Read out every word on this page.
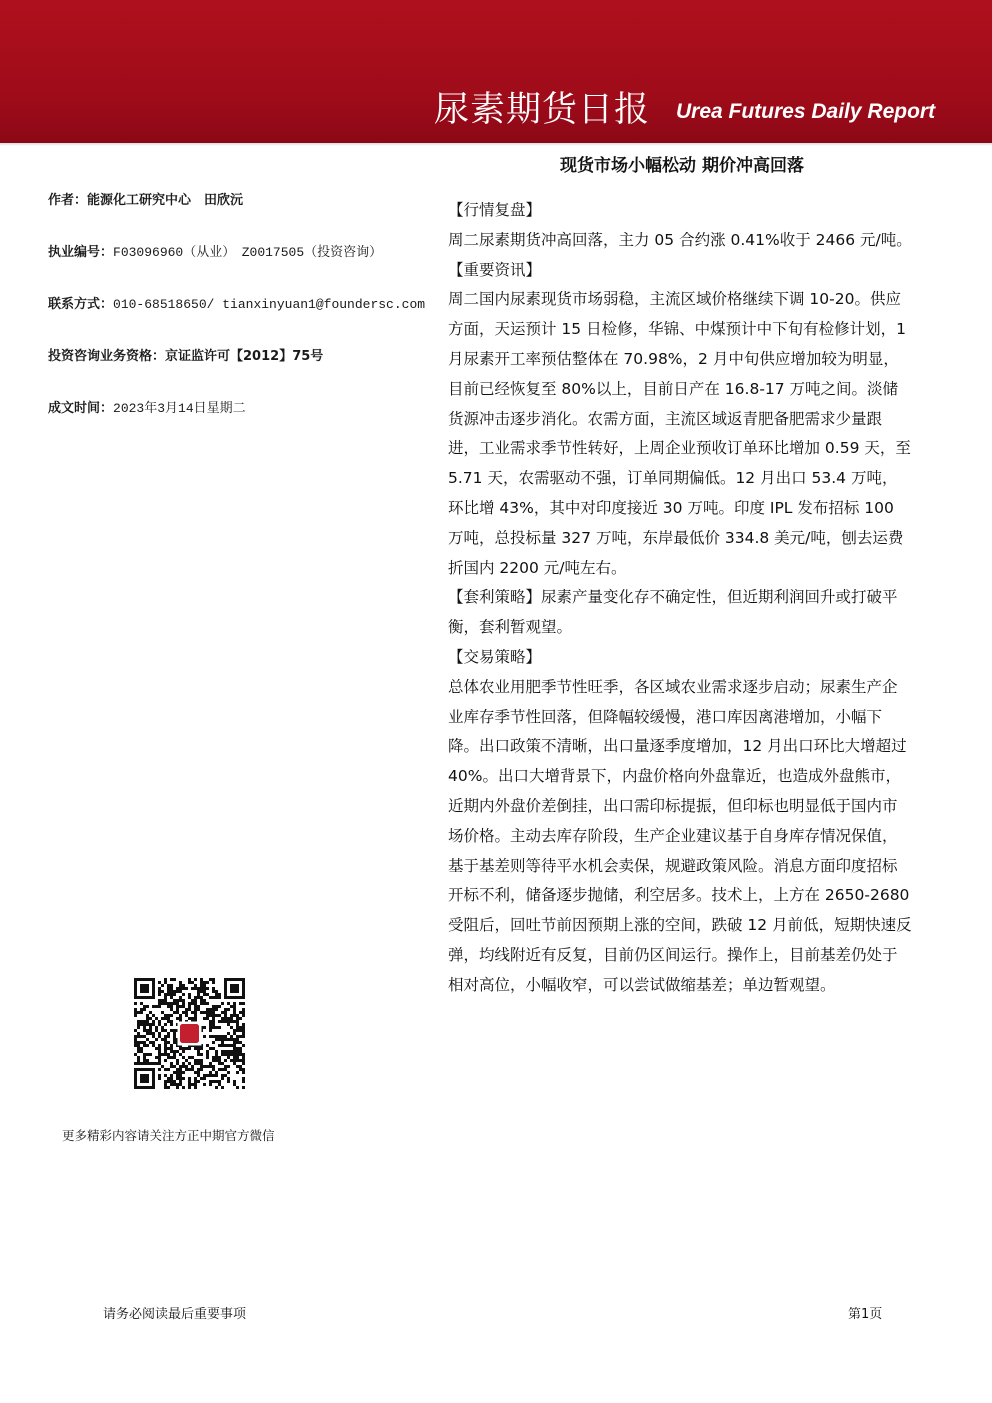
尿素期货日报 Urea Futures Daily Report
现货市场小幅松动 期价冲高回落
作者：能源化工研究中心　田欣沅
执业编号：F03096960（从业）　Z0017505（投资咨询）
联系方式：010-68518650/ tianxinyuan1@foundersc.com
投资咨询业务资格：京证监许可【2012】75号
成文时间：2023年3月14日星期二

【行情复盘】

周二尿素期货冲高回落，主力 05 合约涨 0.41%收于 2466 元/吨。

【重要资讯】

周二国内尿素现货市场弱稳，主流区域价格继续下调 10-20。供应方面，天运预计 15 日检修，华锦、中煤预计中下旬有检修计划，1 月尿素开工率预估整体在 70.98%，2 月中旬供应增加较为明显，目前已经恢复至 80%以上，目前日产在 16.8-17 万吨之间。淡储货源冲击逐步消化。农需方面，主流区域返青肥备肥需求少量跟进，工业需求季节性转好，上周企业预收订单环比增加 0.59 天，至 5.71 天，农需驱动不强，订单同期偏低。12 月出口 53.4 万吨，环比增 43%，其中对印度接近 30 万吨。印度 IPL 发布招标 100 万吨，总投标量 327 万吨，东岸最低价 334.8 美元/吨，刨去运费折国内 2200 元/吨左右。

【套利策略】尿素产量变化存不确定性，但近期利润回升或打破平衡，套利暂观望。

【交易策略】

总体农业用肥季节性旺季，各区域农业需求逐步启动；尿素生产企业库存季节性回落，但降幅较缓慢，港口库因离港增加，小幅下降。出口政策不清晰，出口量逐季度增加，12 月出口环比大增超过 40%。出口大增背景下，内盘价格向外盘靠近，也造成外盘熊市，近期内外盘价差倒挂，出口需印标提振，但印标也明显低于国内市场价格。主动去库存阶段，生产企业建议基于自身库存情况保值，基于基差则等待平水机会卖保，规避政策风险。消息方面印度招标开标不利，储备逐步抛储，利空居多。技术上，上方在 2650-2680 受阻后，回吐节前因预期上涨的空间，跌破 12 月前低，短期快速反弹，均线附近有反复，目前仍区间运行。操作上，目前基差仍处于相对高位，小幅收窄，可以尝试做缩基差；单边暂观望。

更多精彩内容请关注方正中期官方微信
请务必阅读最后重要事项	第1页
